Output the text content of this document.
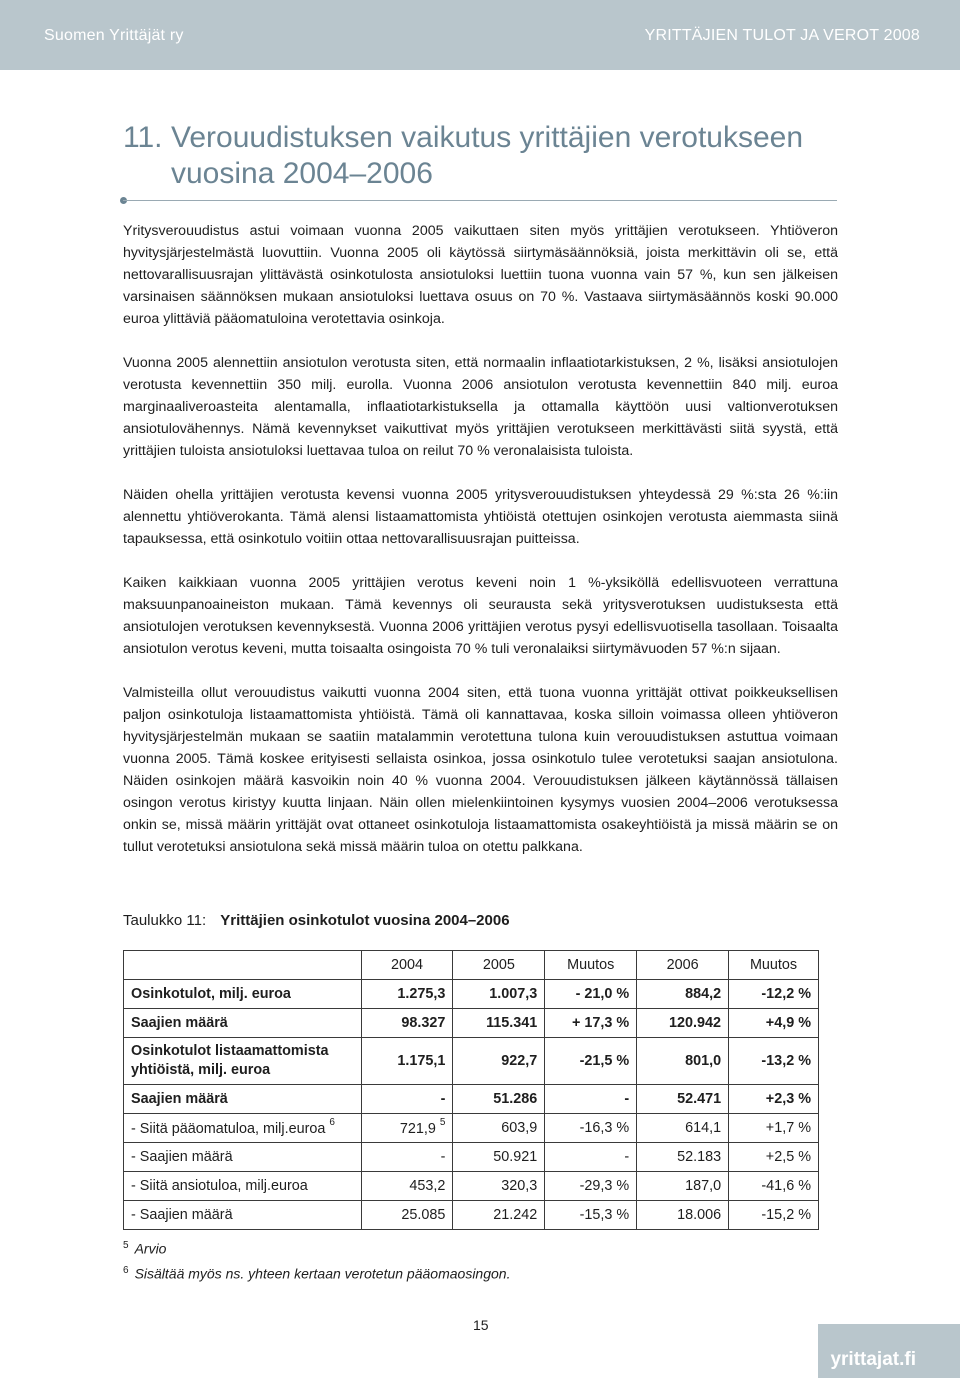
Suomen Yrittäjät ry	YRITTÄJIEN TULOT JA VEROT 2008
11. Verouudistuksen vaikutus yrittäjien verotukseen
vuosina 2004–2006

Yritysverouudistus astui voimaan vuonna 2005 vaikuttaen siten myös yrittäjien verotukseen. Yhtiöveron hyvitysjärjestelmästä luovuttiin. Vuonna 2005 oli käytössä siirtymäsäännöksiä, joista merkittävin oli se, että nettovarallisuusrajan ylittävästä osinkotulosta ansiotuloksi luettiin tuona vuonna vain 57 %, kun sen jälkeisen varsinaisen säännöksen mukaan ansiotuloksi luettava osuus on 70 %. Vastaava siirtymäsäännös koski 90.000 euroa ylittäviä pääomatuloina verotettavia osinkoja.

Vuonna 2005 alennettiin ansiotulon verotusta siten, että normaalin inflaatiotarkistuksen, 2 %, lisäksi ansiotulojen verotusta kevennettiin 350 milj. eurolla. Vuonna 2006 ansiotulon verotusta kevennettiin 840 milj. euroa marginaaliveroasteita alentamalla, inflaatiotarkistuksella ja ottamalla käyttöön uusi valtionverotuksen ansiotulovähennys. Nämä kevennykset vaikuttivat myös yrittäjien verotukseen merkittävästi siitä syystä, että yrittäjien tuloista ansiotuloksi luettavaa tuloa on reilut 70 % veronalaisista tuloista.

Näiden ohella yrittäjien verotusta kevensi vuonna 2005 yritysverouudistuksen yhteydessä 29 %:sta 26 %:iin alennettu yhtiöverokanta. Tämä alensi listaamattomista yhtiöistä otettujen osinkojen verotusta aiemmasta siinä tapauksessa, että osinkotulo voitiin ottaa nettovarallisuusrajan puitteissa.

Kaiken kaikkiaan vuonna 2005 yrittäjien verotus keveni noin 1 %-yksiköllä edellisvuoteen verrattuna maksuunpanoaineiston mukaan. Tämä kevennys oli seurausta sekä yritysverotuksen uudistuksesta että ansiotulojen verotuksen kevennyksestä. Vuonna 2006 yrittäjien verotus pysyi edellisvuotisella tasollaan. Toisaalta ansiotulon verotus keveni, mutta toisaalta osingoista 70 % tuli veronalaiksi siirtymävuoden 57 %:n sijaan.

Valmisteilla ollut verouudistus vaikutti vuonna 2004 siten, että tuona vuonna yrittäjät ottivat poikkeuksellisen paljon osinkotuloja listaamattomista yhtiöistä. Tämä oli kannattavaa, koska silloin voimassa olleen yhtiöveron hyvitysjärjestelmän mukaan se saatiin matalammin verotettuna tulona kuin verouudistuksen astuttua voimaan vuonna 2005. Tämä koskee erityisesti sellaista osinkoa, jossa osinkotulo tulee verotetuksi saajan ansiotulona. Näiden osinkojen määrä kasvoikin noin 40 % vuonna 2004. Verouudistuksen jälkeen käytännössä tällaisen osingon verotus kiristyy kuutta linjaan. Näin ollen mielenkiintoinen kysymys vuosien 2004–2006 verotuksessa onkin se, missä määrin yrittäjät ovat ottaneet osinkotuloja listaamattomista osakeyhtiöistä ja missä määrin se on tullut verotetuksi ansiotulona sekä missä määrin tuloa on otettu palkkana.

Taulukko 11: Yrittäjien osinkotulot vuosina 2004–2006
	2004	2005	Muutos	2006	Muutos
Osinkotulot, milj. euroa	1.275,3	1.007,3	- 21,0 %	884,2	-12,2 %
Saajien määrä	98.327	115.341	+ 17,3 %	120.942	+4,9 %
Osinkotulot listaamattomista yhtiöistä, milj. euroa	1.175,1	922,7	-21,5 %	801,0	-13,2 %
Saajien määrä	-	51.286	-	52.471	+2,3 %
- Siitä pääomatuloa, milj.euroa $^6$	721,9 $^5$	603,9	-16,3 %	614,1	+1,7 %
- Saajien määrä	-	50.921	-	52.183	+2,5 %
- Siitä ansiotuloa, milj.euroa	453,2	320,3	-29,3 %	187,0	-41,6 %
- Saajien määrä	25.085	21.242	-15,3 %	18.006	-15,2 %
$^5$ Arvio
$^6$ Sisältää myös ns. yhteen kertaan verotetun pääomaosingon.
15
yrittajat.fi
